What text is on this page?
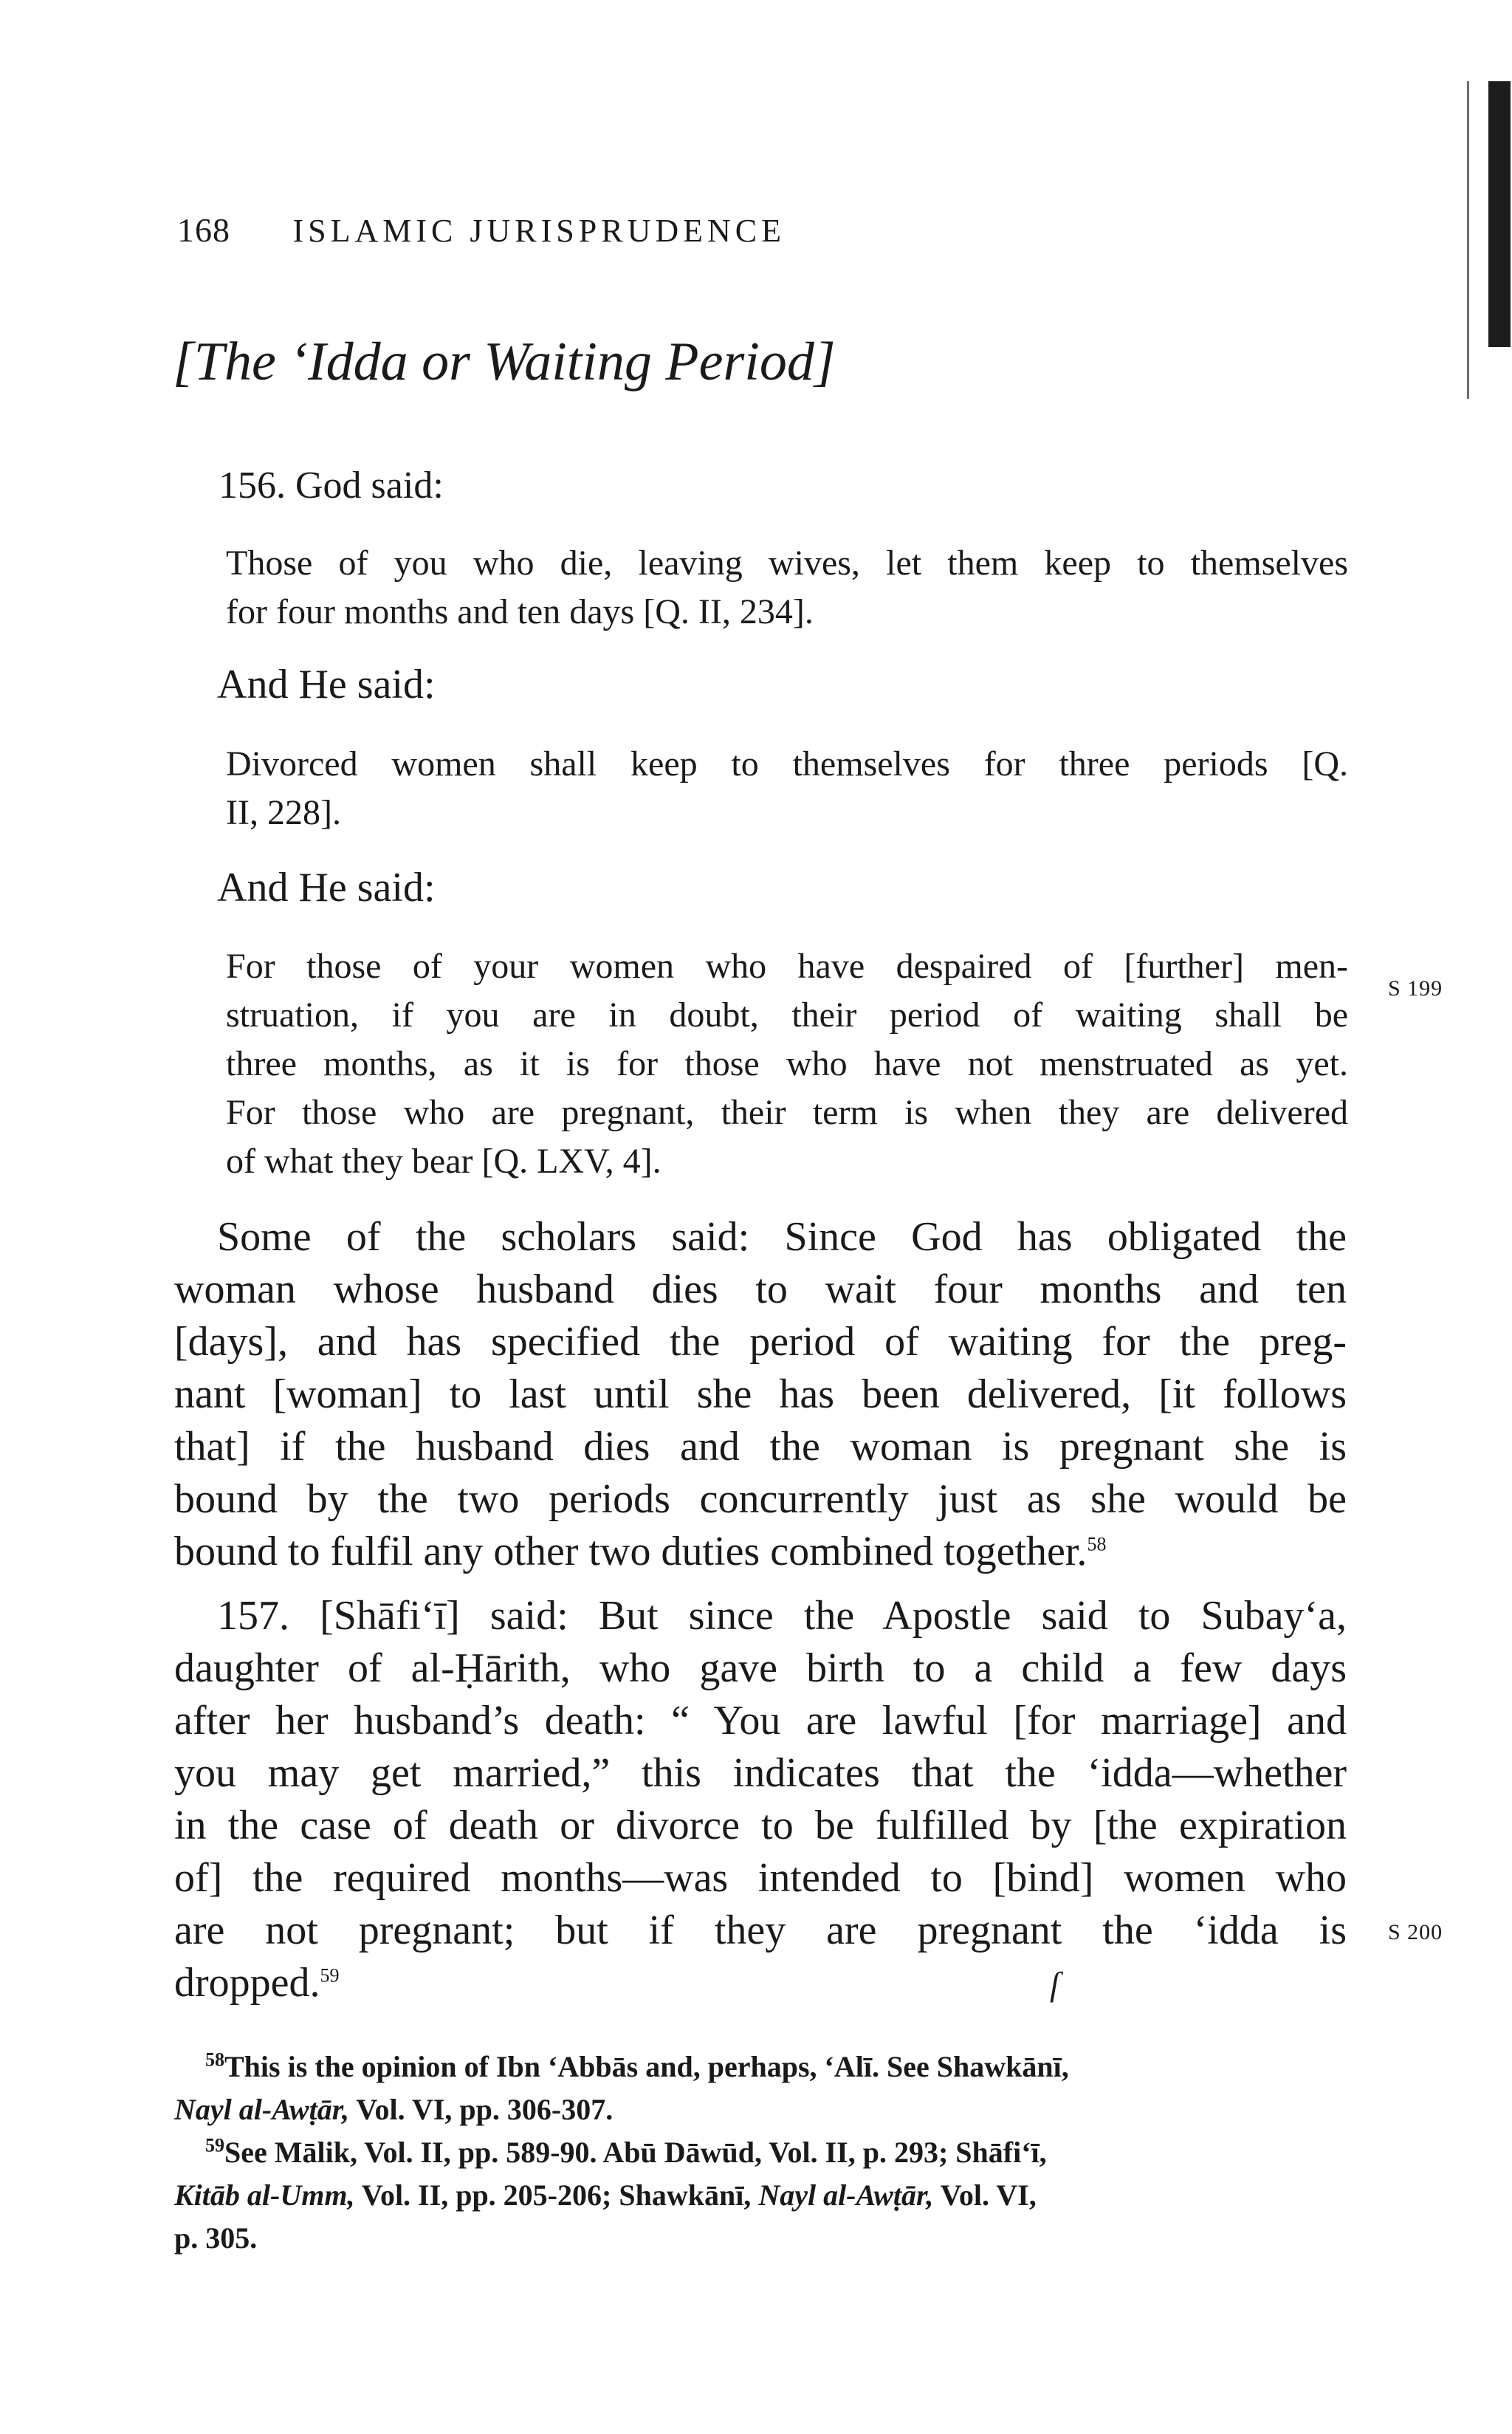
168 ISLAMIC JURISPRUDENCE
[The ‘Idda or Waiting Period]
156. God said:
Those of you who die, leaving wives, let them keep to themselves
for four months and ten days [Q. II, 234].
And He said:
Divorced women shall keep to themselves for three periods [Q.
II, 228].
And He said:
For those of your women who have despaired of [further] men-
struation, if you are in doubt, their period of waiting shall be
three months, as it is for those who have not menstruated as yet.
For those who are pregnant, their term is when they are delivered
of what they bear [Q. LXV, 4].
S 199
Some of the scholars said: Since God has obligated the
woman whose husband dies to wait four months and ten
[days], and has specified the period of waiting for the preg-
nant [woman] to last until she has been delivered, [it follows
that] if the husband dies and the woman is pregnant she is
bound by the two periods concurrently just as she would be
bound to fulfil any other two duties combined together.$^{58}$
157. [Shāfi‘ī] said: But since the Apostle said to Subay‘a,
daughter of al-Ḥārith, who gave birth to a child a few days
after her husband’s death: “ You are lawful [for marriage] and
you may get married,” this indicates that the ‘idda—whether
in the case of death or divorce to be fulfilled by [the expiration
of] the required months—was intended to [bind] women who
are not pregnant; but if they are pregnant the ‘idda is
dropped.$^{59}$
S 200
ſ
$^{58}$This is the opinion of Ibn ‘Abbās and, perhaps, ‘Alī. See Shawkānī,
Nayl al-Awṭār, Vol. VI, pp. 306-307.
$^{59}$See Mālik, Vol. II, pp. 589-90. Abū Dāwūd, Vol. II, p. 293; Shāfi‘ī,
Kitāb al-Umm, Vol. II, pp. 205-206; Shawkānī, Nayl al-Awṭār, Vol. VI,
p. 305.
